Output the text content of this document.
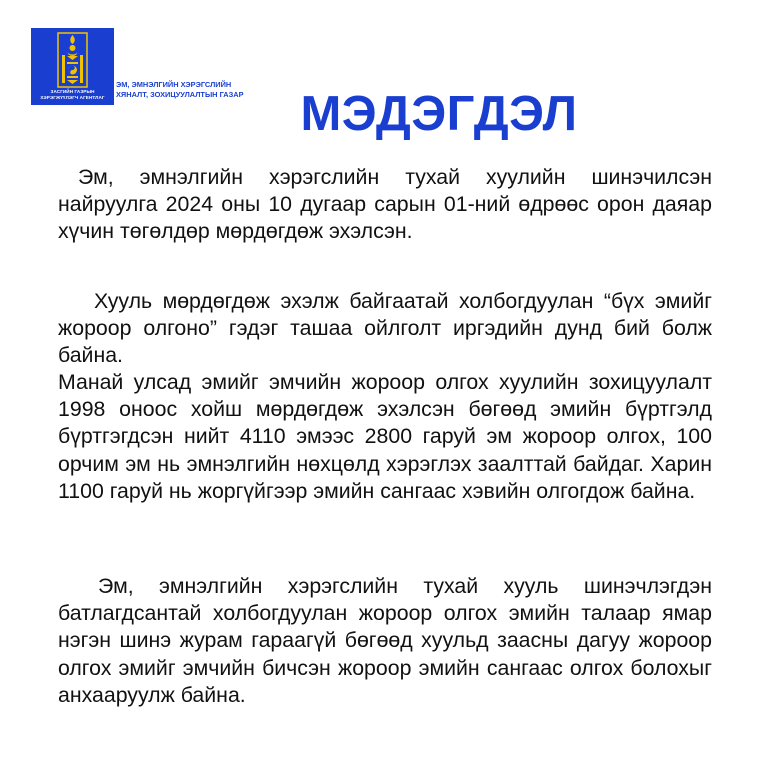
ЗАСГИЙН ГАЗРЫН
ХЭРЭГЖҮҮЛЭГЧ АГЕНТЛАГ
ЭМ, ЭМНЭЛГИЙН ХЭРЭГСЛИЙН
ХЯНАЛТ, ЗОХИЦУУЛАЛТЫН ГАЗАР	МЭДЭГДЭЛ

Эм, эмнэлгийн хэрэгслийн тухай хуулийн шинэчилсэн найруулга 2024 оны 10 дугаар сарын 01-ний өдрөөс орон даяар хүчин төгөлдөр мөрдөгдөж эхэлсэн.

Хууль мөрдөгдөж эхэлж байгаатай холбогдуулан “бүх эмийг жороор олгоно” гэдэг ташаа ойлголт иргэдийн дунд бий болж байна.

Манай улсад эмийг эмчийн жороор олгох хуулийн зохицуулалт 1998 оноос хойш мөрдөгдөж эхэлсэн бөгөөд эмийн бүртгэлд бүртгэгдсэн нийт 4110 эмээс 2800 гаруй эм жороор олгох, 100 орчим эм нь эмнэлгийн нөхцөлд хэрэглэх заалттай байдаг. Харин 1100 гаруй нь жоргүйгээр эмийн сангаас хэвийн олгогдож байна.

Эм, эмнэлгийн хэрэгслийн тухай хууль шинэчлэгдэн батлагдсантай холбогдуулан жороор олгох эмийн талаар ямар нэгэн шинэ журам гараагүй бөгөөд хуульд заасны дагуу жороор олгох эмийг эмчийн бичсэн жороор эмийн сангаас олгох болохыг анхааруулж байна.
